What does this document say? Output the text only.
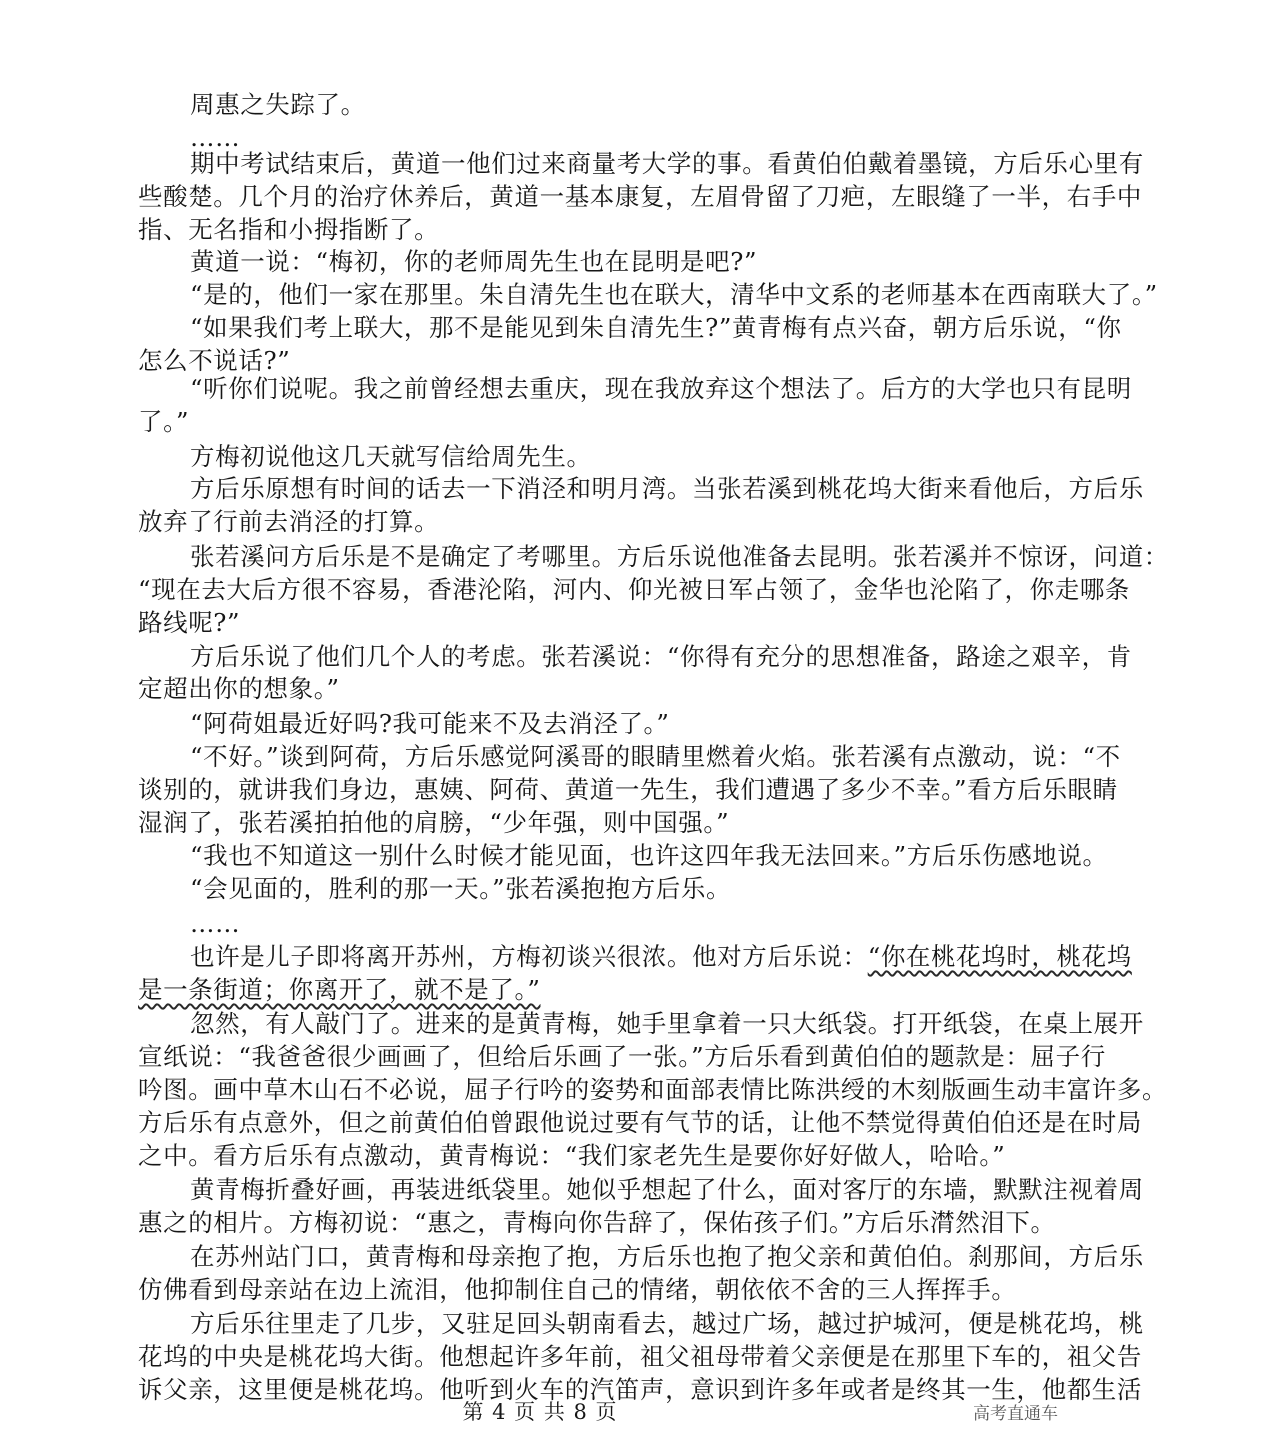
周惠之失踪了。

……

期中考试结束后，黄道一他们过来商量考大学的事。看黄伯伯戴着墨镜，方后乐心里有

些酸楚。几个月的治疗休养后，黄道一基本康复，左眉骨留了刀疤，左眼缝了一半，右手中

指、无名指和小拇指断了。

黄道一说：“梅初，你的老师周先生也在昆明是吧?”

“是的，他们一家在那里。朱自清先生也在联大，清华中文系的老师基本在西南联大了。”

“如果我们考上联大，那不是能见到朱自清先生?”黄青梅有点兴奋，朝方后乐说，“你

怎么不说话?”

“听你们说呢。我之前曾经想去重庆，现在我放弃这个想法了。后方的大学也只有昆明

了。”

方梅初说他这几天就写信给周先生。

方后乐原想有时间的话去一下消泾和明月湾。当张若溪到桃花坞大街来看他后，方后乐

放弃了行前去消泾的打算。

张若溪问方后乐是不是确定了考哪里。方后乐说他准备去昆明。张若溪并不惊讶，问道：

“现在去大后方很不容易，香港沦陷，河内、仰光被日军占领了，金华也沦陷了，你走哪条

路线呢?”

方后乐说了他们几个人的考虑。张若溪说：“你得有充分的思想准备，路途之艰辛，肯

定超出你的想象。”

“阿荷姐最近好吗?我可能来不及去消泾了。”

“不好。”谈到阿荷，方后乐感觉阿溪哥的眼睛里燃着火焰。张若溪有点激动，说：“不

谈别的，就讲我们身边，惠姨、阿荷、黄道一先生，我们遭遇了多少不幸。”看方后乐眼睛

湿润了，张若溪拍拍他的肩膀，“少年强，则中国强。”

“我也不知道这一别什么时候才能见面，也许这四年我无法回来。”方后乐伤感地说。

“会见面的，胜利的那一天。”张若溪抱抱方后乐。

……

也许是儿子即将离开苏州，方梅初谈兴很浓。他对方后乐说：“你在桃花坞时，桃花坞

是一条街道；你离开了，就不是了。”

忽然，有人敲门了。进来的是黄青梅，她手里拿着一只大纸袋。打开纸袋，在桌上展开

宣纸说：“我爸爸很少画画了，但给后乐画了一张。”方后乐看到黄伯伯的题款是：屈子行

吟图。画中草木山石不必说，屈子行吟的姿势和面部表情比陈洪绶的木刻版画生动丰富许多。

方后乐有点意外，但之前黄伯伯曾跟他说过要有气节的话，让他不禁觉得黄伯伯还是在时局

之中。看方后乐有点激动，黄青梅说：“我们家老先生是要你好好做人，哈哈。”

黄青梅折叠好画，再装进纸袋里。她似乎想起了什么，面对客厅的东墙，默默注视着周

惠之的相片。方梅初说：“惠之，青梅向你告辞了，保佑孩子们。”方后乐潸然泪下。

在苏州站门口，黄青梅和母亲抱了抱，方后乐也抱了抱父亲和黄伯伯。刹那间，方后乐

仿佛看到母亲站在边上流泪，他抑制住自己的情绪，朝依依不舍的三人挥挥手。

方后乐往里走了几步，又驻足回头朝南看去，越过广场，越过护城河，便是桃花坞，桃

花坞的中央是桃花坞大街。他想起许多年前，祖父祖母带着父亲便是在那里下车的，祖父告

诉父亲，这里便是桃花坞。他听到火车的汽笛声，意识到许多年或者是终其一生，他都生活

第 4 页 共 8 页	高考直通车
